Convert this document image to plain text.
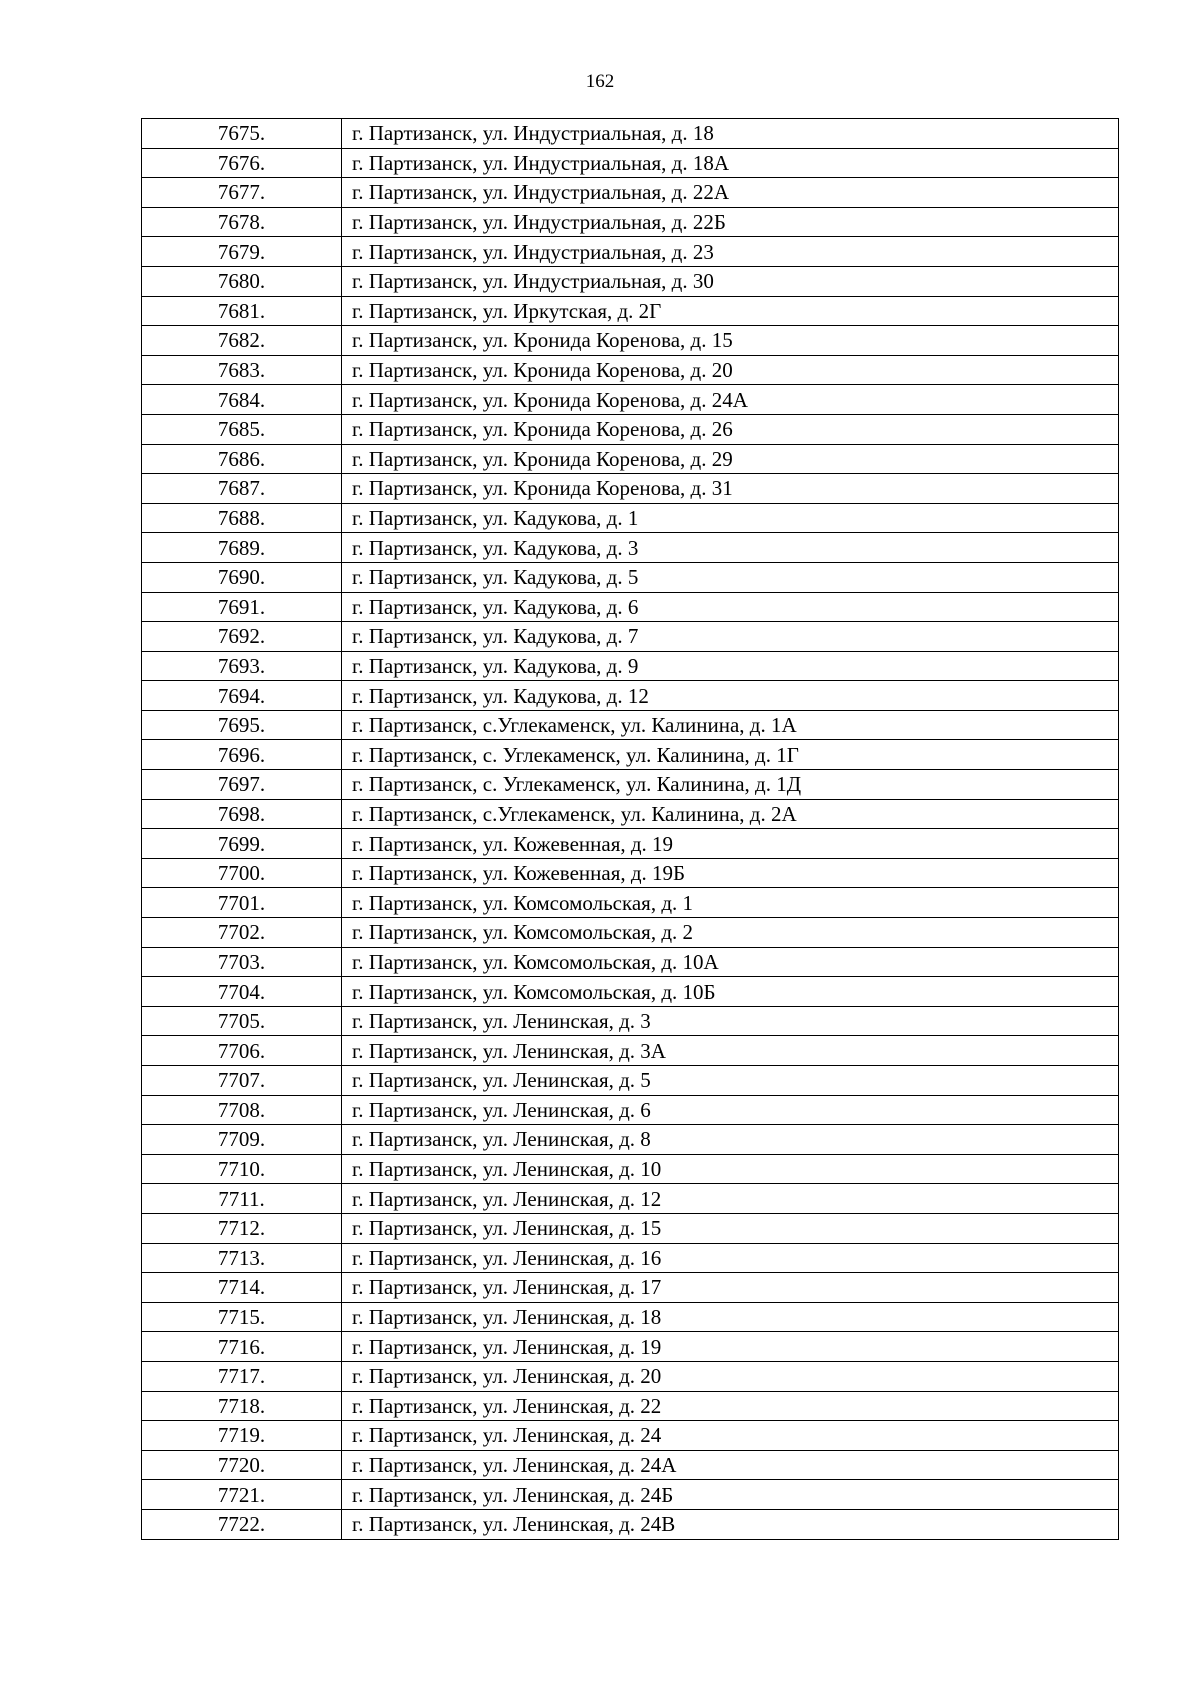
162
7675.	г. Партизанск, ул. Индустриальная, д. 18
7676.	г. Партизанск, ул. Индустриальная, д. 18А
7677.	г. Партизанск, ул. Индустриальная, д. 22А
7678.	г. Партизанск, ул. Индустриальная, д. 22Б
7679.	г. Партизанск, ул. Индустриальная, д. 23
7680.	г. Партизанск, ул. Индустриальная, д. 30
7681.	г. Партизанск, ул. Иркутская, д. 2Г
7682.	г. Партизанск, ул. Кронида Коренова, д. 15
7683.	г. Партизанск, ул. Кронида Коренова, д. 20
7684.	г. Партизанск, ул. Кронида Коренова, д. 24А
7685.	г. Партизанск, ул. Кронида Коренова, д. 26
7686.	г. Партизанск, ул. Кронида Коренова, д. 29
7687.	г. Партизанск, ул. Кронида Коренова, д. 31
7688.	г. Партизанск, ул. Кадукова, д. 1
7689.	г. Партизанск, ул. Кадукова, д. 3
7690.	г. Партизанск, ул. Кадукова, д. 5
7691.	г. Партизанск, ул. Кадукова, д. 6
7692.	г. Партизанск, ул. Кадукова, д. 7
7693.	г. Партизанск, ул. Кадукова, д. 9
7694.	г. Партизанск, ул. Кадукова, д. 12
7695.	г. Партизанск, с.Углекаменск, ул. Калинина, д. 1А
7696.	г. Партизанск, с. Углекаменск, ул. Калинина, д. 1Г
7697.	г. Партизанск, с. Углекаменск, ул. Калинина, д. 1Д
7698.	г. Партизанск, с.Углекаменск, ул. Калинина, д. 2А
7699.	г. Партизанск, ул. Кожевенная, д. 19
7700.	г. Партизанск, ул. Кожевенная, д. 19Б
7701.	г. Партизанск, ул. Комсомольская, д. 1
7702.	г. Партизанск, ул. Комсомольская, д. 2
7703.	г. Партизанск, ул. Комсомольская, д. 10А
7704.	г. Партизанск, ул. Комсомольская, д. 10Б
7705.	г. Партизанск, ул. Ленинская, д. 3
7706.	г. Партизанск, ул. Ленинская, д. 3А
7707.	г. Партизанск, ул. Ленинская, д. 5
7708.	г. Партизанск, ул. Ленинская, д. 6
7709.	г. Партизанск, ул. Ленинская, д. 8
7710.	г. Партизанск, ул. Ленинская, д. 10
7711.	г. Партизанск, ул. Ленинская, д. 12
7712.	г. Партизанск, ул. Ленинская, д. 15
7713.	г. Партизанск, ул. Ленинская, д. 16
7714.	г. Партизанск, ул. Ленинская, д. 17
7715.	г. Партизанск, ул. Ленинская, д. 18
7716.	г. Партизанск, ул. Ленинская, д. 19
7717.	г. Партизанск, ул. Ленинская, д. 20
7718.	г. Партизанск, ул. Ленинская, д. 22
7719.	г. Партизанск, ул. Ленинская, д. 24
7720.	г. Партизанск, ул. Ленинская, д. 24А
7721.	г. Партизанск, ул. Ленинская, д. 24Б
7722.	г. Партизанск, ул. Ленинская, д. 24В
